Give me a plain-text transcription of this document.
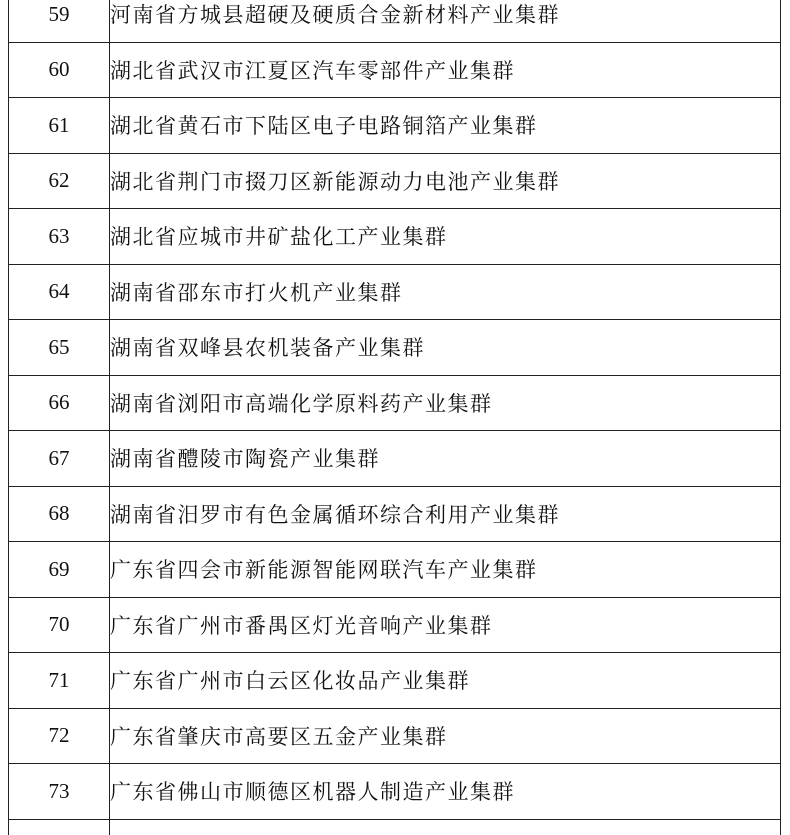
59	河南省方城县超硬及硬质合金新材料产业集群
60	湖北省武汉市江夏区汽车零部件产业集群
61	湖北省黄石市下陆区电子电路铜箔产业集群
62	湖北省荆门市掇刀区新能源动力电池产业集群
63	湖北省应城市井矿盐化工产业集群
64	湖南省邵东市打火机产业集群
65	湖南省双峰县农机装备产业集群
66	湖南省浏阳市高端化学原料药产业集群
67	湖南省醴陵市陶瓷产业集群
68	湖南省汨罗市有色金属循环综合利用产业集群
69	广东省四会市新能源智能网联汽车产业集群
70	广东省广州市番禺区灯光音响产业集群
71	广东省广州市白云区化妆品产业集群
72	广东省肇庆市高要区五金产业集群
73	广东省佛山市顺德区机器人制造产业集群
